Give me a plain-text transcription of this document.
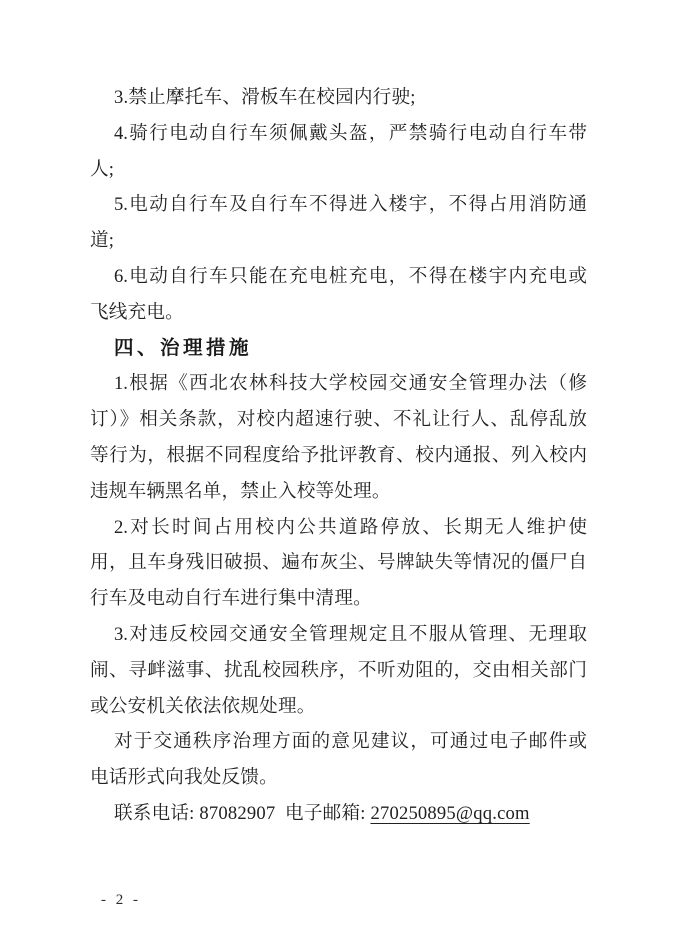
3.禁止摩托车、滑板车在校园内行驶;
4.骑行电动自行车须佩戴头盔，严禁骑行电动自行车带
人;
5.电动自行车及自行车不得进入楼宇，不得占用消防通
道;
6.电动自行车只能在充电桩充电，不得在楼宇内充电或
飞线充电。
四、治理措施
1.根据《西北农林科技大学校园交通安全管理办法（修
订）》相关条款，对校内超速行驶、不礼让行人、乱停乱放
等行为，根据不同程度给予批评教育、校内通报、列入校内
违规车辆黑名单，禁止入校等处理。
2.对长时间占用校内公共道路停放、长期无人维护使
用，且车身残旧破损、遍布灰尘、号牌缺失等情况的僵尸自
行车及电动自行车进行集中清理。
3.对违反校园交通安全管理规定且不服从管理、无理取
闹、寻衅滋事、扰乱校园秩序，不听劝阻的，交由相关部门
或公安机关依法依规处理。
对于交通秩序治理方面的意见建议，可通过电子邮件或
电话形式向我处反馈。
联系电话: 87082907  电子邮箱: 270250895@qq.com
- 2 -
